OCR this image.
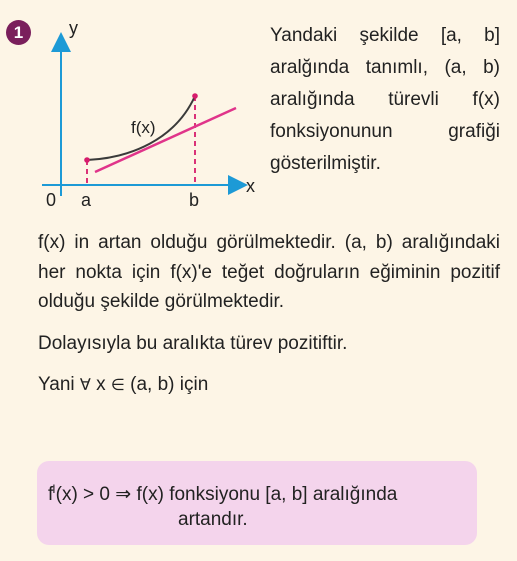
1	y
x
0 a	b
f(x)
Yandaki şekilde [a, b] aralğında tanımlı, (a, b) aralığında türevli f(x) fonksiyonunun grafiği gösterilmiştir.

f(x) in artan olduğu görülmektedir. (a, b) aralığındaki her nokta için f(x)'e teğet doğruların eğiminin pozitif olduğu şekilde görülmektedir.

Dolayısıyla bu aralıkta türev pozitiftir.

Yani ∀ x ∈ (a, b) için

$f^I(x) > 0$ ⇒ f(x) fonksiyonu [a, b] aralığında
artandır.
